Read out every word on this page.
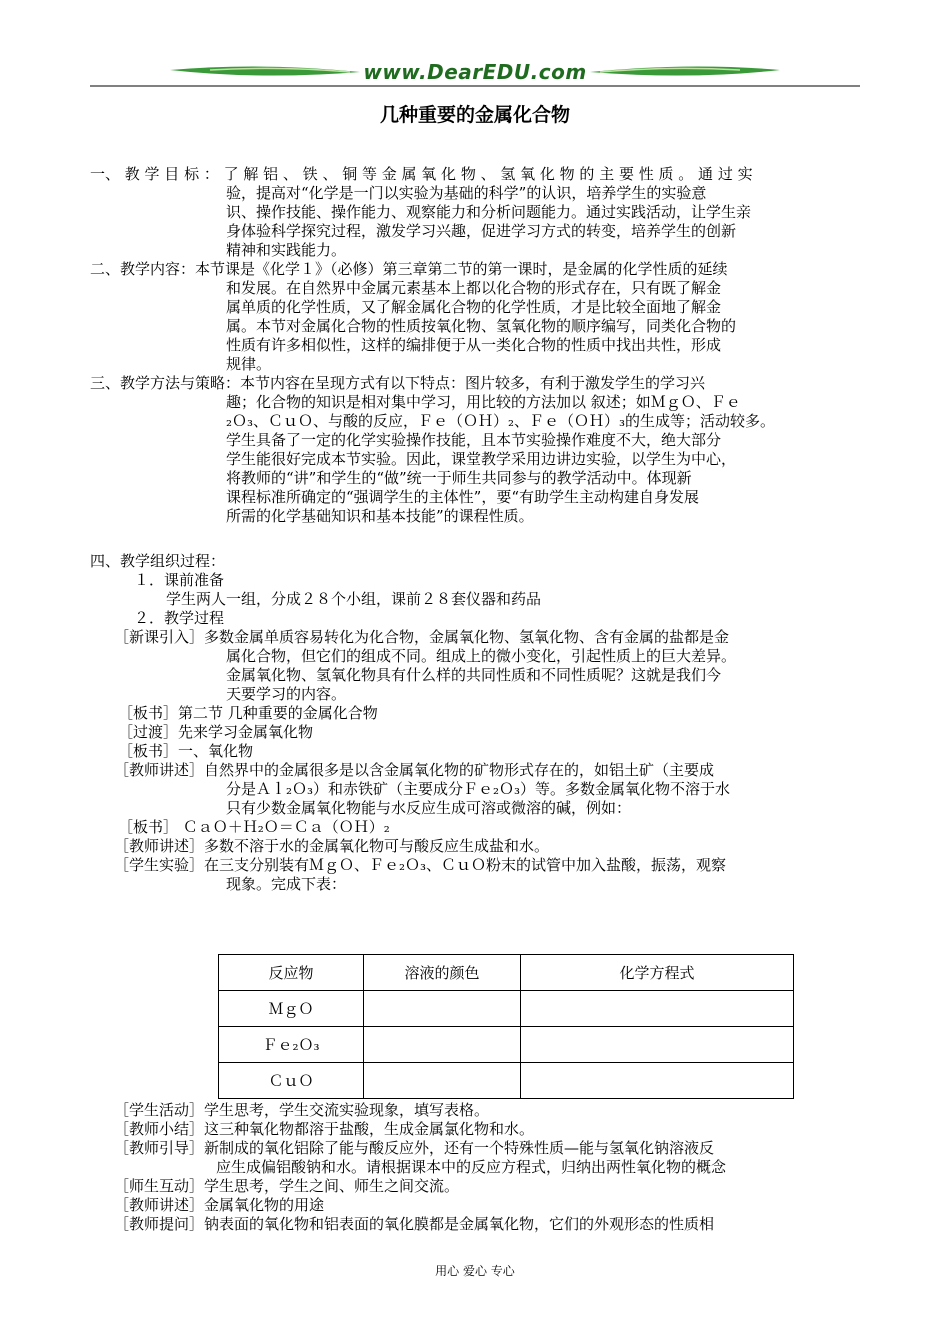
www.DearEDU.com
几种重要的金属化合物
一、 教 学 目 标 ： 了 解 铝 、 铁 、 铜 等 金 属 氧 化 物 、 氢 氧 化 物 的 主 要 性 质 。 通 过 实
验，提高对“化学是一门以实验为基础的科学”的认识，培养学生的实验意
识、操作技能、操作能力、观察能力和分析问题能力。通过实践活动，让学生亲
身体验科学探究过程，激发学习兴趣，促进学习方式的转变，培养学生的创新
精神和实践能力。
二、教学内容：本节课是《化学１》（必修）第三章第二节的第一课时，是金属的化学性质的延续
和发展。在自然界中金属元素基本上都以化合物的形式存在，只有既了解金
属单质的化学性质，又了解金属化合物的化学性质，才是比较全面地了解金
属。本节对金属化合物的性质按氧化物、氢氧化物的顺序编写，同类化合物的
性质有许多相似性，这样的编排便于从一类化合物的性质中找出共性，形成
规律。
三、教学方法与策略：本节内容在呈现方式有以下特点：图片较多，有利于激发学生的学习兴
趣；化合物的知识是相对集中学习，用比较的方法加以 叙述；如ＭｇＯ、Ｆｅ
₂Ｏ₃、ＣｕＯ、与酸的反应，Ｆｅ（ＯＨ）₂、Ｆｅ（ＯＨ）₃的生成等；活动较多。
学生具备了一定的化学实验操作技能，且本节实验操作难度不大，绝大部分
学生能很好完成本节实验。因此，课堂教学采用边讲边实验，以学生为中心，
将教师的“讲”和学生的“做”统一于师生共同参与的教学活动中。体现新
课程标准所确定的“强调学生的主体性”，要“有助学生主动构建自身发展
所需的化学基础知识和基本技能”的课程性质。
四、教学组织过程：
１．课前准备
学生两人一组，分成２８个小组，课前２８套仪器和药品
２．教学过程
［新课引入］多数金属单质容易转化为化合物，金属氧化物、氢氧化物、含有金属的盐都是金
属化合物，但它们的组成不同。组成上的微小变化，引起性质上的巨大差异。
金属氧化物、氢氧化物具有什么样的共同性质和不同性质呢？这就是我们今
天要学习的内容。
［板书］第二节 几种重要的金属化合物
［过渡］先来学习金属氧化物
［板书］一、氧化物
［教师讲述］自然界中的金属很多是以含金属氧化物的矿物形式存在的，如铝土矿（主要成
分是Ａｌ₂Ｏ₃）和赤铁矿（主要成分Ｆｅ₂Ｏ₃）等。多数金属氧化物不溶于水
只有少数金属氧化物能与水反应生成可溶或微溶的碱，例如：
［板书］ ＣａＯ＋Ｈ₂Ｏ＝Ｃａ（ＯＨ）₂
［教师讲述］多数不溶于水的金属氧化物可与酸反应生成盐和水。
［学生实验］在三支分别装有ＭｇＯ、Ｆｅ₂Ｏ₃、ＣｕＯ粉末的试管中加入盐酸，振荡，观察
现象。完成下表：
反应物	溶液的颜色	化学方程式
ＭｇＯ		
Ｆｅ₂Ｏ₃		
ＣｕＯ		
［学生活动］学生思考，学生交流实验现象，填写表格。
［教师小结］这三种氧化物都溶于盐酸，生成金属氯化物和水。
［教师引导］新制成的氧化铝除了能与酸反应外，还有一个特殊性质—能与氢氧化钠溶液反
应生成偏铝酸钠和水。请根据课本中的反应方程式，归纳出两性氧化物的概念
［师生互动］学生思考，学生之间、师生之间交流。
［教师讲述］金属氧化物的用途
［教师提问］钠表面的氧化物和铝表面的氧化膜都是金属氧化物，它们的外观形态的性质相
用心 爱心 专心
